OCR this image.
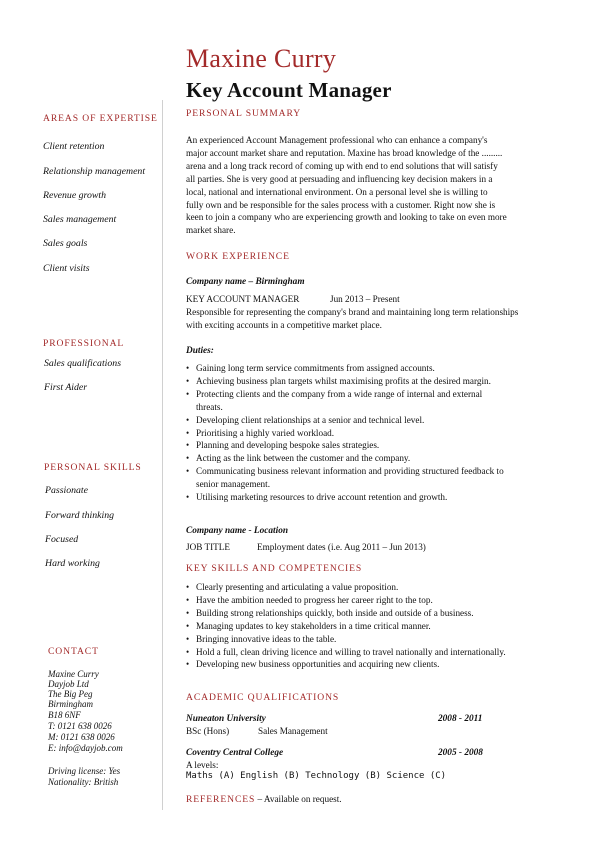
Maxine Curry
Key Account Manager
AREAS OF EXPERTISE
Client retention
Relationship management
Revenue growth
Sales management
Sales goals
Client visits
PROFESSIONAL
Sales qualifications
First Aider
PERSONAL SKILLS
Passionate
Forward thinking
Focused
Hard working
CONTACT
Maxine Curry
Dayjob Ltd
The Big Peg
Birmingham
B18 6NF
T: 0121 638 0026
M: 0121 638 0026
E: info@dayjob.com
Driving license: Yes
Nationality: British
PERSONAL SUMMARY
An experienced Account Management professional who can enhance a company's
major account market share and reputation. Maxine has broad knowledge of the .........
arena and a long track record of coming up with end to end solutions that will satisfy
all parties. She is very good at persuading and influencing key decision makers in a
local, national and international environment. On a personal level she is willing to
fully own and be responsible for the sales process with a customer. Right now she is
keen to join a company who are experiencing growth and looking to take on even more
market share.
WORK EXPERIENCE
Company name – Birmingham
KEY ACCOUNT MANAGER	Jun 2013 – Present
Responsible for representing the company's brand and maintaining long term relationships
with exciting accounts in a competitive market place.
Duties:
• Gaining long term service commitments from assigned accounts.
• Achieving business plan targets whilst maximising profits at the desired margin.
• Protecting clients and the company from a wide range of internal and external
threats.
• Developing client relationships at a senior and technical level.
• Prioritising a highly varied workload.
• Planning and developing bespoke sales strategies.
• Acting as the link between the customer and the company.
• Communicating business relevant information and providing structured feedback to
senior management.
• Utilising marketing resources to drive account retention and growth.
Company name - Location
JOB TITLE	Employment dates (i.e. Aug 2011 – Jun 2013)
KEY SKILLS AND COMPETENCIES
• Clearly presenting and articulating a value proposition.
• Have the ambition needed to progress her career right to the top.
• Building strong relationships quickly, both inside and outside of a business.
• Managing updates to key stakeholders in a time critical manner.
• Bringing innovative ideas to the table.
• Hold a full, clean driving licence and willing to travel nationally and internationally.
• Developing new business opportunities and acquiring new clients.
ACADEMIC QUALIFICATIONS
Nuneaton University	2008 - 2011
BSc (Hons)	Sales Management
Coventry Central College	2005 - 2008
A levels:
Maths (A) English (B) Technology (B) Science (C)
REFERENCES – Available on request.
